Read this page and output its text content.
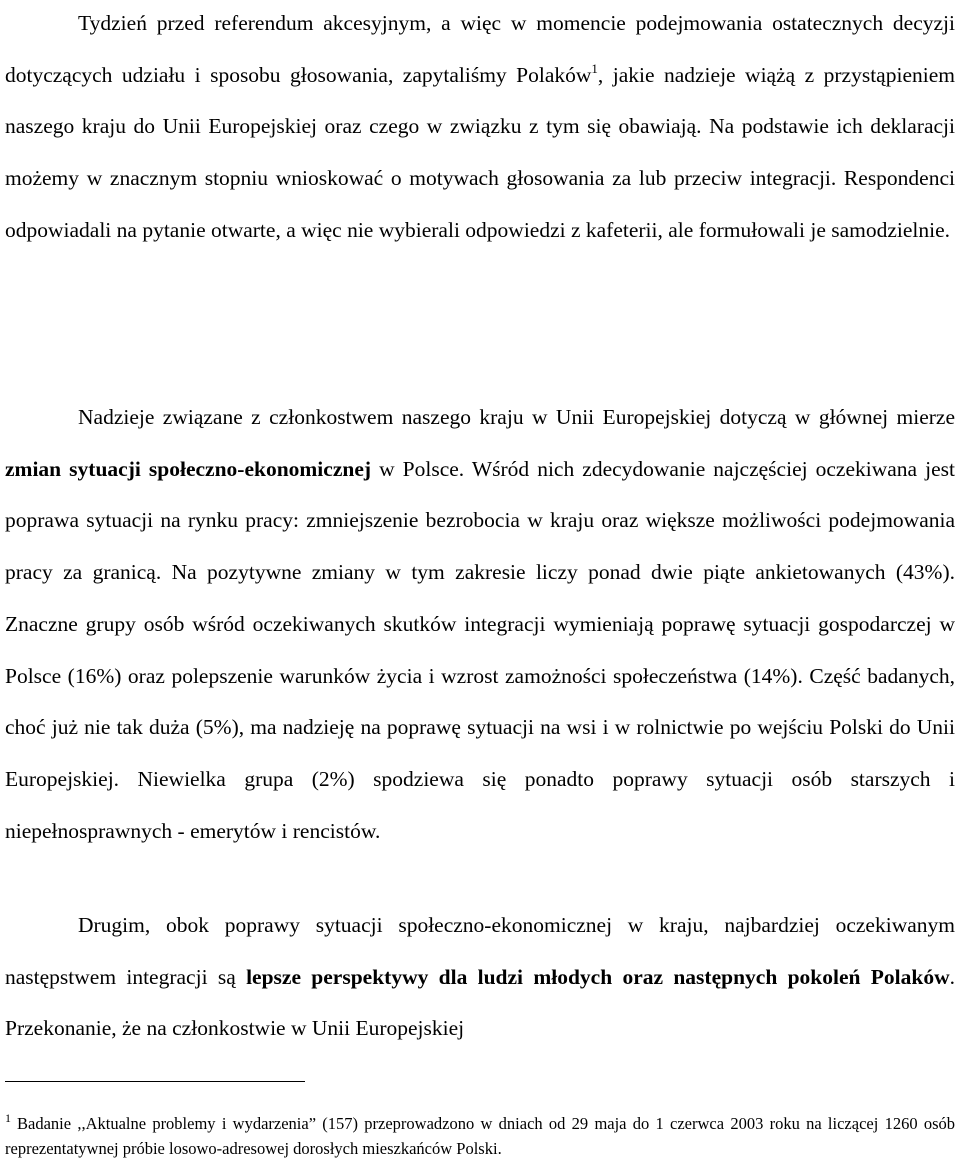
Tydzień przed referendum akcesyjnym, a więc w momencie podejmowania ostatecznych decyzji dotyczących udziału i sposobu głosowania, zapytaliśmy Polaków$^1$, jakie nadzieje wiążą z przystąpieniem naszego kraju do Unii Europejskiej oraz czego w związku z tym się obawiają. Na podstawie ich deklaracji możemy w znacznym stopniu wnioskować o motywach głosowania za lub przeciw integracji. Respondenci odpowiadali na pytanie otwarte, a więc nie wybierali odpowiedzi z kafeterii, ale formułowali je samodzielnie.

Nadzieje związane z członkostwem naszego kraju w Unii Europejskiej dotyczą w głównej mierze zmian sytuacji społeczno-ekonomicznej w Polsce. Wśród nich zdecydowanie najczęściej oczekiwana jest poprawa sytuacji na rynku pracy: zmniejszenie bezrobocia w kraju oraz większe możliwości podejmowania pracy za granicą. Na pozytywne zmiany w tym zakresie liczy ponad dwie piąte ankietowanych (43%). Znaczne grupy osób wśród oczekiwanych skutków integracji wymieniają poprawę sytuacji gospodarczej w Polsce (16%) oraz polepszenie warunków życia i wzrost zamożności społeczeństwa (14%). Część badanych, choć już nie tak duża (5%), ma nadzieję na poprawę sytuacji na wsi i w rolnictwie po wejściu Polski do Unii Europejskiej. Niewielka grupa (2%) spodziewa się ponadto poprawy sytuacji osób starszych i niepełnosprawnych - emerytów i rencistów.

Drugim, obok poprawy sytuacji społeczno-ekonomicznej w kraju, najbardziej oczekiwanym następstwem integracji są lepsze perspektywy dla ludzi młodych oraz następnych pokoleń Polaków. Przekonanie, że na członkostwie w Unii Europejskiej

$^1$ Badanie ,,Aktualne problemy i wydarzenia” (157) przeprowadzono w dniach od 29 maja do 1 czerwca 2003 roku na liczącej 1260 osób reprezentatywnej próbie losowo-adresowej dorosłych mieszkańców Polski.
